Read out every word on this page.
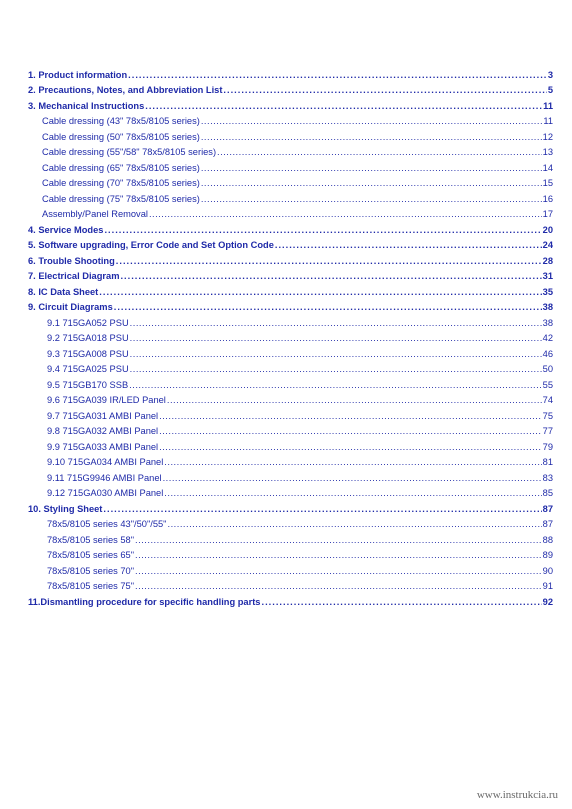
1. Product information .....	3
2. Precautions, Notes, and Abbreviation List .....	5
3. Mechanical Instructions .....	11
Cable dressing (43" 78x5/8105 series) .....	11
Cable dressing (50" 78x5/8105 series) .....	12
Cable dressing (55"/58" 78x5/8105 series) .....	13
Cable dressing (65" 78x5/8105 series) .....	14
Cable dressing (70" 78x5/8105 series) .....	15
Cable dressing (75" 78x5/8105 series) .....	16
Assembly/Panel Removal .....	17
4. Service Modes .....	20
5. Software upgrading, Error Code and Set Option Code .....	24
6. Trouble Shooting .....	28
7. Electrical Diagram .....	31
8. IC Data Sheet .....	35
9. Circuit Diagrams .....	38
9.1 715GA052 PSU .....	38
9.2 715GA018 PSU .....	42
9.3 715GA008 PSU .....	46
9.4 715GA025 PSU .....	50
9.5 715GB170 SSB .....	55
9.6 715GA039 IR/LED Panel .....	74
9.7 715GA031 AMBI Panel .....	75
9.8 715GA032 AMBI Panel .....	77
9.9 715GA033 AMBI Panel .....	79
9.10 715GA034 AMBI Panel .....	81
9.11 715G9946 AMBI Panel .....	83
9.12 715GA030 AMBI Panel .....	85
10. Styling Sheet .....	87
78x5/8105 series 43"/50"/55" .....	87
78x5/8105 series 58" .....	88
78x5/8105 series 65" .....	89
78x5/8105 series 70" .....	90
78x5/8105 series 75" .....	91
11.Dismantling procedure for specific handling parts .....	92
www.instrukcia.ru
